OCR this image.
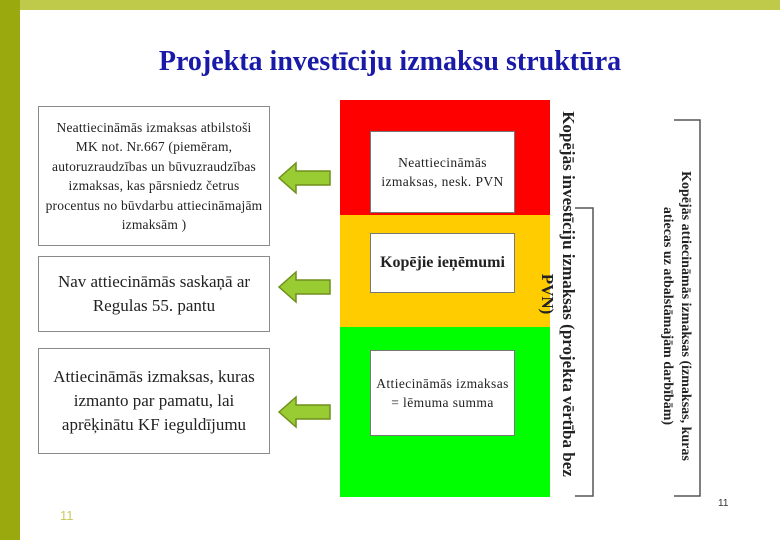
Projekta investīciju izmaksu struktūra
Neattiecināmās izmaksas atbilstoši MK not. Nr.667 (piemēram, autoruzraudzības un būvuzraudzības izmaksas, kas pārsniedz četrus procentus no būvdarbu attiecināmajām izmaksām )
Nav attiecināmās saskaņā ar Regulas 55. pantu
Attiecināmās izmaksas, kuras izmanto par pamatu, lai aprēķinātu KF ieguldījumu
Neattiecināmās izmaksas, nesk. PVN
Kopējie ieņēmumi
Attiecināmās izmaksas = lēmuma summa	Kopējās investīciju izmaksas (projekta vērtība bez PVN)	Kopējās attiecināmās izmaksas (izmaksas, kuras atiecas uz atbalstāmajām darbībām)
11
11
